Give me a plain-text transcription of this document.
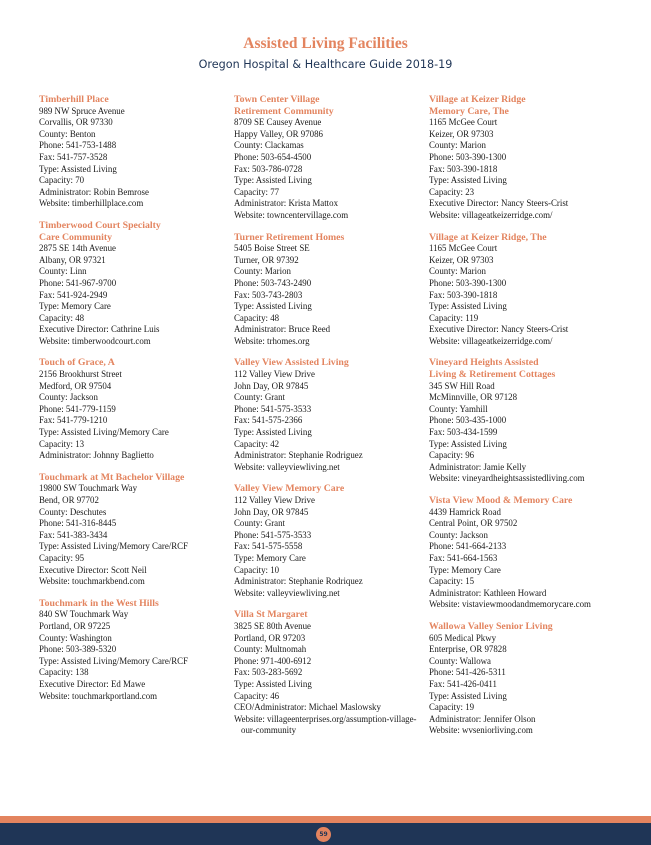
Assisted Living Facilities
Oregon Hospital & Healthcare Guide 2018-19
Timberhill Place
989 NW Spruce Avenue
Corvallis, OR 97330
County: Benton
Phone: 541-753-1488
Fax: 541-757-3528
Type: Assisted Living
Capacity: 70
Administrator: Robin Bemrose
Website: timberhillplace.com
Timberwood Court Specialty
Care Community
2875 SE 14th Avenue
Albany, OR 97321
County: Linn
Phone: 541-967-9700
Fax: 541-924-2949
Type: Memory Care
Capacity: 48
Executive Director: Cathrine Luis
Website: timberwoodcourt.com
Touch of Grace, A
2156 Brookhurst Street
Medford, OR 97504
County: Jackson
Phone: 541-779-1159
Fax: 541-779-1210
Type: Assisted Living/Memory Care
Capacity: 13
Administrator: Johnny Baglietto
Touchmark at Mt Bachelor Village
19800 SW Touchmark Way
Bend, OR 97702
County: Deschutes
Phone: 541-316-8445
Fax: 541-383-3434
Type: Assisted Living/Memory Care/RCF
Capacity: 95
Executive Director: Scott Neil
Website: touchmarkbend.com
Touchmark in the West Hills
840 SW Touchmark Way
Portland, OR 97225
County: Washington
Phone: 503-389-5320
Type: Assisted Living/Memory Care/RCF
Capacity: 138
Executive Director: Ed Mawe
Website: touchmarkportland.com
Town Center Village
Retirement Community
8709 SE Causey Avenue
Happy Valley, OR 97086
County: Clackamas
Phone: 503-654-4500
Fax: 503-786-0728
Type: Assisted Living
Capacity: 77
Administrator: Krista Mattox
Website: towncentervillage.com
Turner Retirement Homes
5405 Boise Street SE
Turner, OR 97392
County: Marion
Phone: 503-743-2490
Fax: 503-743-2803
Type: Assisted Living
Capacity: 48
Administrator: Bruce Reed
Website: trhomes.org
Valley View Assisted Living
112 Valley View Drive
John Day, OR 97845
County: Grant
Phone: 541-575-3533
Fax: 541-575-2366
Type: Assisted Living
Capacity: 42
Administrator: Stephanie Rodriguez
Website: valleyviewliving.net
Valley View Memory Care
112 Valley View Drive
John Day, OR 97845
County: Grant
Phone: 541-575-3533
Fax: 541-575-5558
Type: Memory Care
Capacity: 10
Administrator: Stephanie Rodriquez
Website: valleyviewliving.net
Villa St Margaret
3825 SE 80th Avenue
Portland, OR 97203
County: Multnomah
Phone: 971-400-6912
Fax: 503-283-5692
Type: Assisted Living
Capacity: 46
CEO/Administrator: Michael Maslowsky
Website: villageenterprises.org/assumption-village-our-community
Village at Keizer Ridge
Memory Care, The
1165 McGee Court
Keizer, OR 97303
County: Marion
Phone: 503-390-1300
Fax: 503-390-1818
Type: Assisted Living
Capacity: 23
Executive Director: Nancy Steers-Crist
Website: villageatkeizerridge.com/
Village at Keizer Ridge, The
1165 McGee Court
Keizer, OR 97303
County: Marion
Phone: 503-390-1300
Fax: 503-390-1818
Type: Assisted Living
Capacity: 119
Executive Director: Nancy Steers-Crist
Website: villageatkeizerridge.com/
Vineyard Heights Assisted
Living & Retirement Cottages
345 SW Hill Road
McMinnville, OR 97128
County: Yamhill
Phone: 503-435-1000
Fax: 503-434-1599
Type: Assisted Living
Capacity: 96
Administrator: Jamie Kelly
Website: vineyardheightsassistedliving.com
Vista View Mood & Memory Care
4439 Hamrick Road
Central Point, OR 97502
County: Jackson
Phone: 541-664-2133
Fax: 541-664-1563
Type: Memory Care
Capacity: 15
Administrator: Kathleen Howard
Website: vistaviewmoodandmemorycare.com
Wallowa Valley Senior Living
605 Medical Pkwy
Enterprise, OR 97828
County: Wallowa
Phone: 541-426-5311
Fax: 541-426-0411
Type: Assisted Living
Capacity: 19
Administrator: Jennifer Olson
Website: wvseniorliving.com
59
